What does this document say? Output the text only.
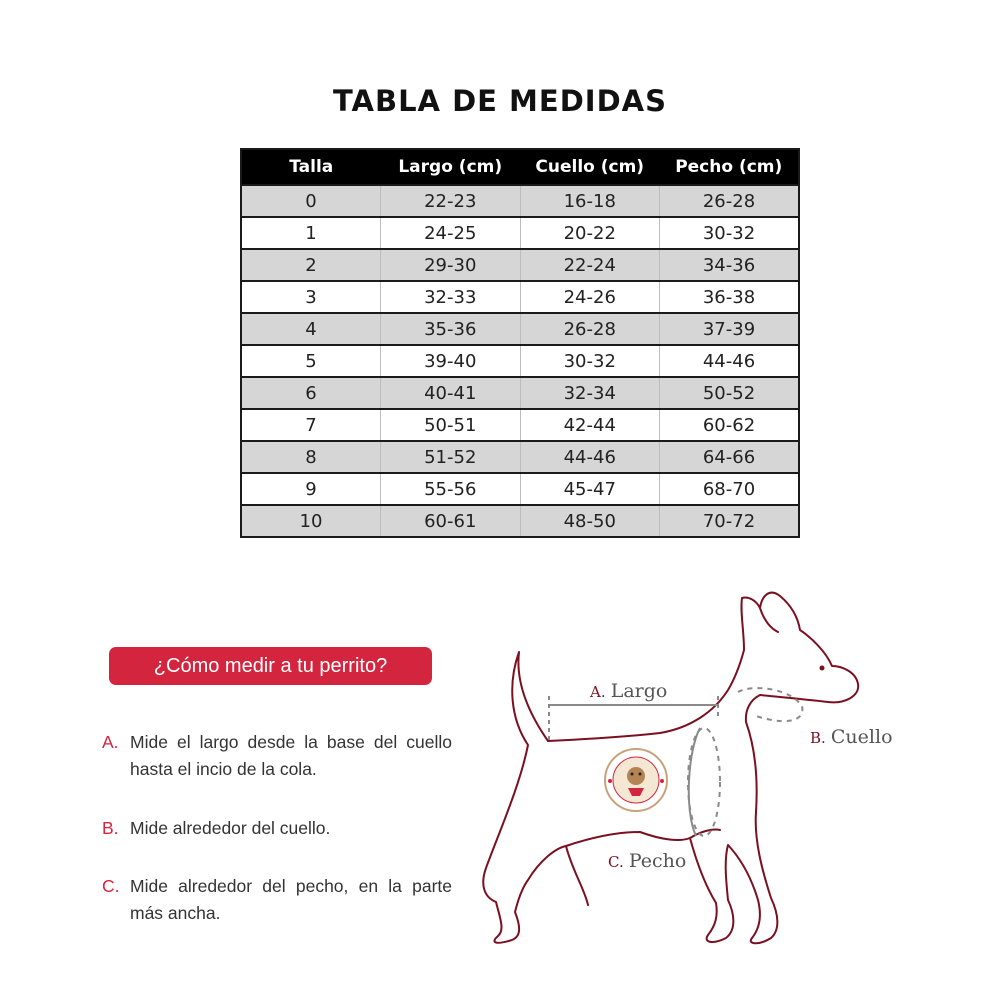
TABLA DE MEDIDAS
Talla	Largo (cm)	Cuello (cm)	Pecho (cm)
0	22-23	16-18	26-28
1	24-25	20-22	30-32
2	29-30	22-24	34-36
3	32-33	24-26	36-38
4	35-36	26-28	37-39
5	39-40	30-32	44-46
6	40-41	32-34	50-52
7	50-51	42-44	60-62
8	51-52	44-46	64-66
9	55-56	45-47	68-70
10	60-61	48-50	70-72
¿Cómo medir a tu perrito?
A. Mide el largo desde la base del cuello hasta el incio de la cola.
B. Mide alrededor del cuello.
C. Mide alrededor del pecho, en la parte más ancha.
A. Largo
B. Cuello
C. Pecho
